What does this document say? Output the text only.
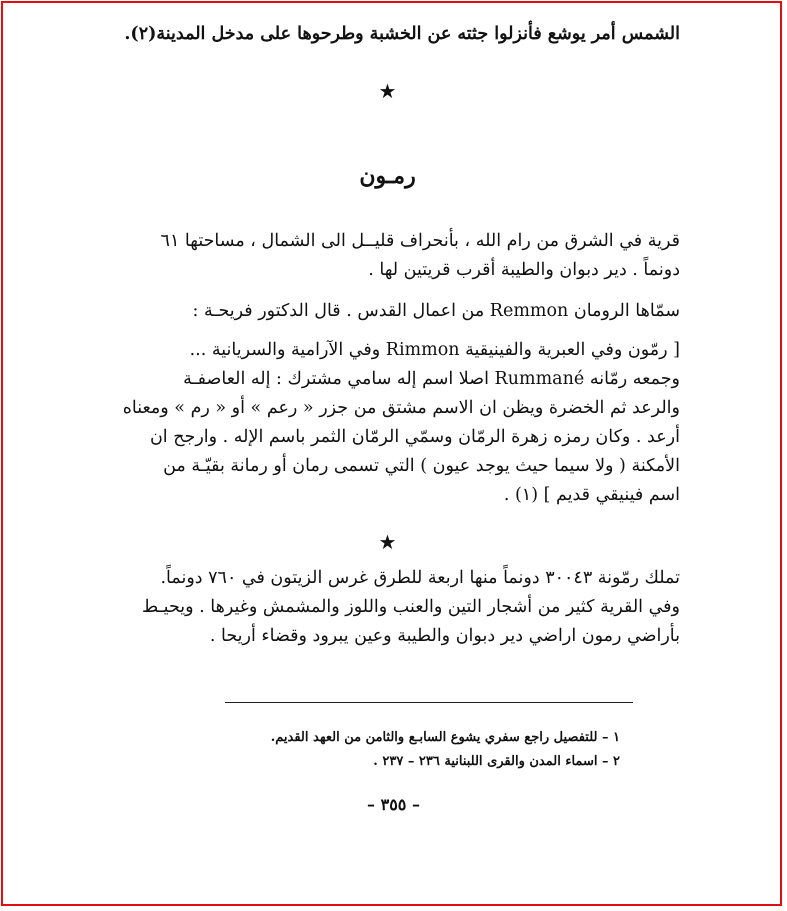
الشمس أمر يوشع فأنزلوا جثته عن الخشبة وطرحوها على مدخل المدينة(٢).
★
رمـون
قرية في الشرق من رام الله ، بأنحراف قليــل الى الشمال ، مساحتها ٦١
دونماً . دير دبوان والطيبة أقرب قريتين لها .
سمّاها الرومان Remmon من اعمال القدس . قال الدكتور فريحـة :
[ رمّون وفي العبرية والفينيقية Rimmon وفي الآرامية والسريانية ...
وجمعه رمّانه Rummané اصلا اسم إله سامي مشترك : إله العاصفـة
والرعد ثم الخضرة ويظن ان الاسم مشتق من جزر « رعم » أو « رم » ومعناه
أرعد . وكان رمزه زهرة الرمّان وسمّي الرمّان الثمر باسم الإله . وارجح ان
الأمكنة ( ولا سيما حيث يوجد عيون ) التي تسمى رمان أو رمانة بقيّـة من
اسم فينيقي قديم ] (١) .
★
تملك رمّونة ٣٠٠٤٣ دونماً منها اربعة للطرق غرس الزيتون في ٧٦٠ دونماً.
وفي القرية كثير من أشجار التين والعنب واللوز والمشمش وغيرها . ويحيـط
بأراضي رمون اراضي دير دبوان والطيبة وعين يبرود وقضاء أريحا .
١ – للتفصيل راجع سفري يشوع السابـع والثامن من العهد القديم.
٢ – اسماء المدن والقرى اللبنانية ٢٣٦ – ٢٣٧ .
– ٣٥٥ –
